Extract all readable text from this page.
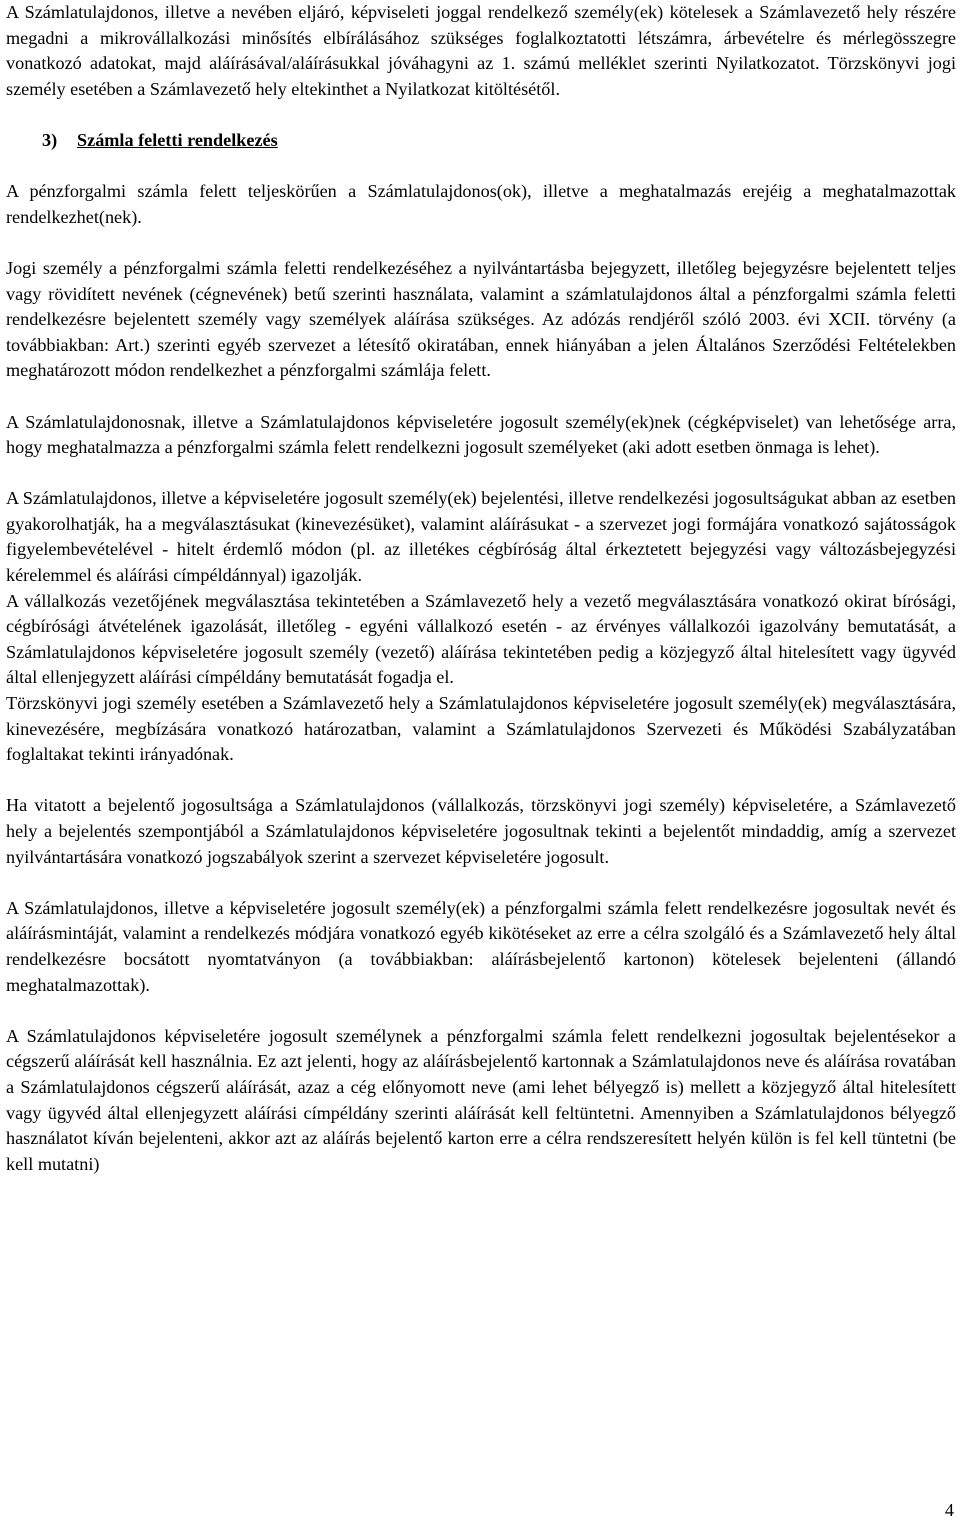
A Számlatulajdonos, illetve a nevében eljáró, képviseleti joggal rendelkező személy(ek) kötelesek a Számlavezető hely részére megadni a mikrovállalkozási minősítés elbírálásához szükséges foglalkoztatotti létszámra, árbevételre és mérlegösszegre vonatkozó adatokat, majd aláírásával/aláírásukkal jóváhagyni az 1. számú melléklet szerinti Nyilatkozatot. Törzskönyvi jogi személy esetében a Számlavezető hely eltekinthet a Nyilatkozat kitöltésétől.

3) Számla feletti rendelkezés

A pénzforgalmi számla felett teljeskörűen a Számlatulajdonos(ok), illetve a meghatalmazás erejéig a meghatalmazottak rendelkezhet(nek).

Jogi személy a pénzforgalmi számla feletti rendelkezéséhez a nyilvántartásba bejegyzett, illetőleg bejegyzésre bejelentett teljes vagy rövidített nevének (cégnevének) betű szerinti használata, valamint a számlatulajdonos által a pénzforgalmi számla feletti rendelkezésre bejelentett személy vagy személyek aláírása szükséges. Az adózás rendjéről szóló 2003. évi XCII. törvény (a továbbiakban: Art.) szerinti egyéb szervezet a létesítő okiratában, ennek hiányában a jelen Általános Szerződési Feltételekben meghatározott módon rendelkezhet a pénzforgalmi számlája felett.

A Számlatulajdonosnak, illetve a Számlatulajdonos képviseletére jogosult személy(ek)nek (cégképviselet) van lehetősége arra, hogy meghatalmazza a pénzforgalmi számla felett rendelkezni jogosult személyeket (aki adott esetben önmaga is lehet).

A Számlatulajdonos, illetve a képviseletére jogosult személy(ek) bejelentési, illetve rendelkezési jogosultságukat abban az esetben gyakorolhatják, ha a megválasztásukat (kinevezésüket), valamint aláírásukat - a szervezet jogi formájára vonatkozó sajátosságok figyelembevételével - hitelt érdemlő módon (pl. az illetékes cégbíróság által érkeztetett bejegyzési vagy változásbejegyzési kérelemmel és aláírási címpéldánnyal) igazolják.

A vállalkozás vezetőjének megválasztása tekintetében a Számlavezető hely a vezető megválasztására vonatkozó okirat bírósági, cégbírósági átvételének igazolását, illetőleg - egyéni vállalkozó esetén - az érvényes vállalkozói igazolvány bemutatását, a Számlatulajdonos képviseletére jogosult személy (vezető) aláírása tekintetében pedig a közjegyző által hitelesített vagy ügyvéd által ellenjegyzett aláírási címpéldány bemutatását fogadja el.

Törzskönyvi jogi személy esetében a Számlavezető hely a Számlatulajdonos képviseletére jogosult személy(ek) megválasztására, kinevezésére, megbízására vonatkozó határozatban, valamint a Számlatulajdonos Szervezeti és Működési Szabályzatában foglaltakat tekinti irányadónak.

Ha vitatott a bejelentő jogosultsága a Számlatulajdonos (vállalkozás, törzskönyvi jogi személy) képviseletére, a Számlavezető hely a bejelentés szempontjából a Számlatulajdonos képviseletére jogosultnak tekinti a bejelentőt mindaddig, amíg a szervezet nyilvántartására vonatkozó jogszabályok szerint a szervezet képviseletére jogosult.

A Számlatulajdonos, illetve a képviseletére jogosult személy(ek) a pénzforgalmi számla felett rendelkezésre jogosultak nevét és aláírásmintáját, valamint a rendelkezés módjára vonatkozó egyéb kikötéseket az erre a célra szolgáló és a Számlavezető hely által rendelkezésre bocsátott nyomtatványon (a továbbiakban: aláírásbejelentő kartonon) kötelesek bejelenteni (állandó meghatalmazottak).

A Számlatulajdonos képviseletére jogosult személynek a pénzforgalmi számla felett rendelkezni jogosultak bejelentésekor a cégszerű aláírását kell használnia. Ez azt jelenti, hogy az aláírásbejelentő kartonnak a Számlatulajdonos neve és aláírása rovatában a Számlatulajdonos cégszerű aláírását, azaz a cég előnyomott neve (ami lehet bélyegző is) mellett a közjegyző által hitelesített vagy ügyvéd által ellenjegyzett aláírási címpéldány szerinti aláírását kell feltüntetni. Amennyiben a Számlatulajdonos bélyegző használatot kíván bejelenteni, akkor azt az aláírás bejelentő karton erre a célra rendszeresített helyén külön is fel kell tüntetni (be kell mutatni)

4
